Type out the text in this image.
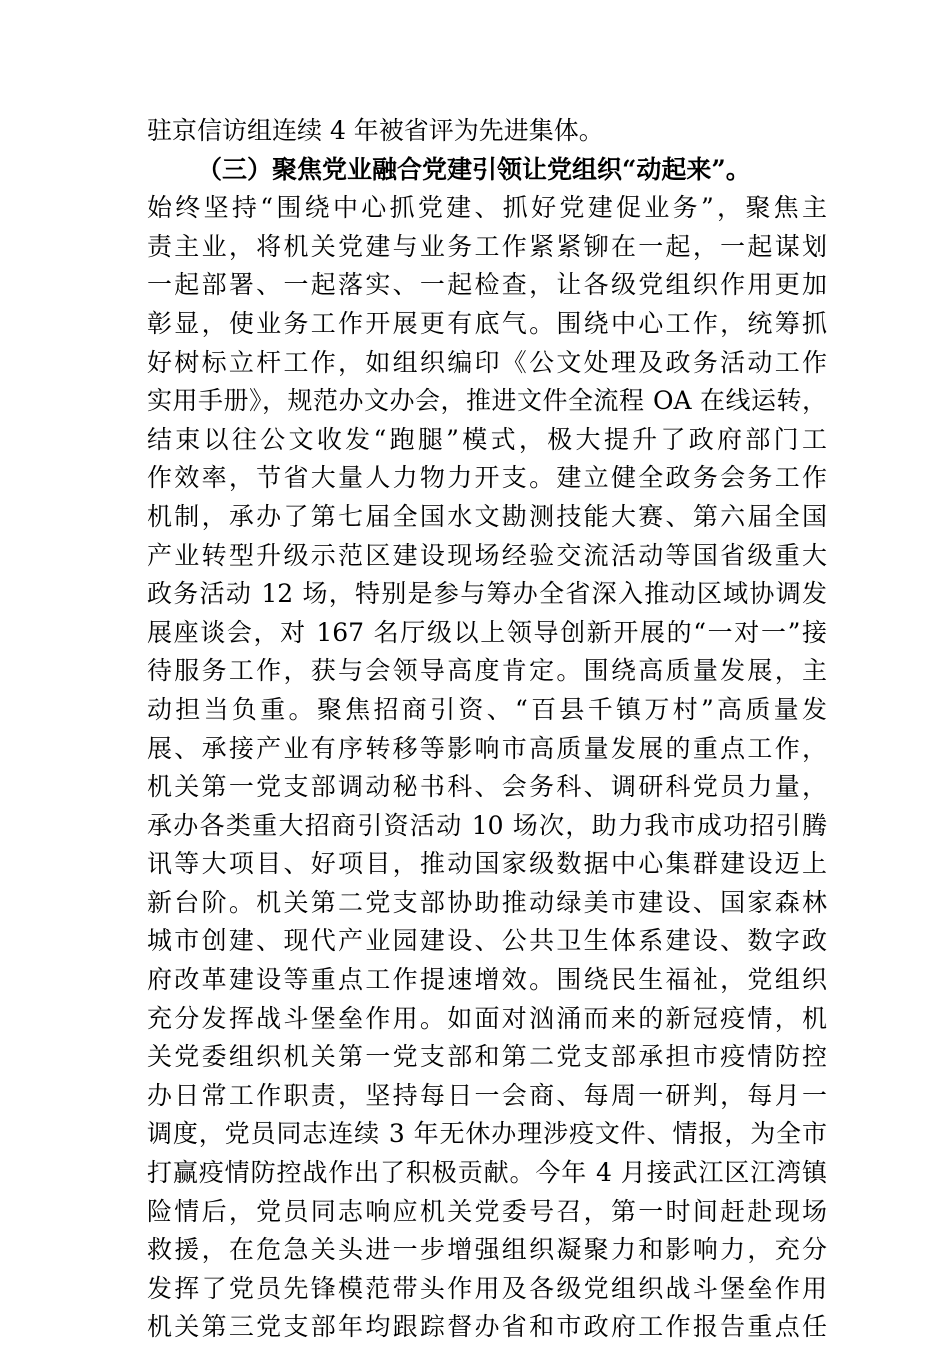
驻京信访组连续 4 年被省评为先进集体。
（三）聚焦党业融合党建引领让党组织“动起来”。
始终坚持“围绕中心抓党建、抓好党建促业务”，聚焦主
责主业，将机关党建与业务工作紧紧铆在一起，一起谋划
一起部署、一起落实、一起检查，让各级党组织作用更加
彰显，使业务工作开展更有底气。围绕中心工作，统筹抓
好树标立杆工作，如组织编印《公文处理及政务活动工作
实用手册》，规范办文办会，推进文件全流程 OA 在线运转，
结束以往公文收发“跑腿”模式，极大提升了政府部门工
作效率，节省大量人力物力开支。建立健全政务会务工作
机制，承办了第七届全国水文勘测技能大赛、第六届全国
产业转型升级示范区建设现场经验交流活动等国省级重大
政务活动 12 场，特别是参与筹办全省深入推动区域协调发
展座谈会，对 167 名厅级以上领导创新开展的“一对一”接
待服务工作，获与会领导高度肯定。围绕高质量发展，主
动担当负重。聚焦招商引资、“百县千镇万村”高质量发
展、承接产业有序转移等影响市高质量发展的重点工作，
机关第一党支部调动秘书科、会务科、调研科党员力量，
承办各类重大招商引资活动 10 场次，助力我市成功招引腾
讯等大项目、好项目，推动国家级数据中心集群建设迈上
新台阶。机关第二党支部协助推动绿美市建设、国家森林
城市创建、现代产业园建设、公共卫生体系建设、数字政
府改革建设等重点工作提速增效。围绕民生福祉，党组织
充分发挥战斗堡垒作用。如面对汹涌而来的新冠疫情，机
关党委组织机关第一党支部和第二党支部承担市疫情防控
办日常工作职责，坚持每日一会商、每周一研判，每月一
调度，党员同志连续 3 年无休办理涉疫文件、情报，为全市
打赢疫情防控战作出了积极贡献。今年 4 月接武江区江湾镇
险情后，党员同志响应机关党委号召，第一时间赶赴现场
救援，在危急关头进一步增强组织凝聚力和影响力，充分
发挥了党员先锋模范带头作用及各级党组织战斗堡垒作用
机关第三党支部年均跟踪督办省和市政府工作报告重点任
